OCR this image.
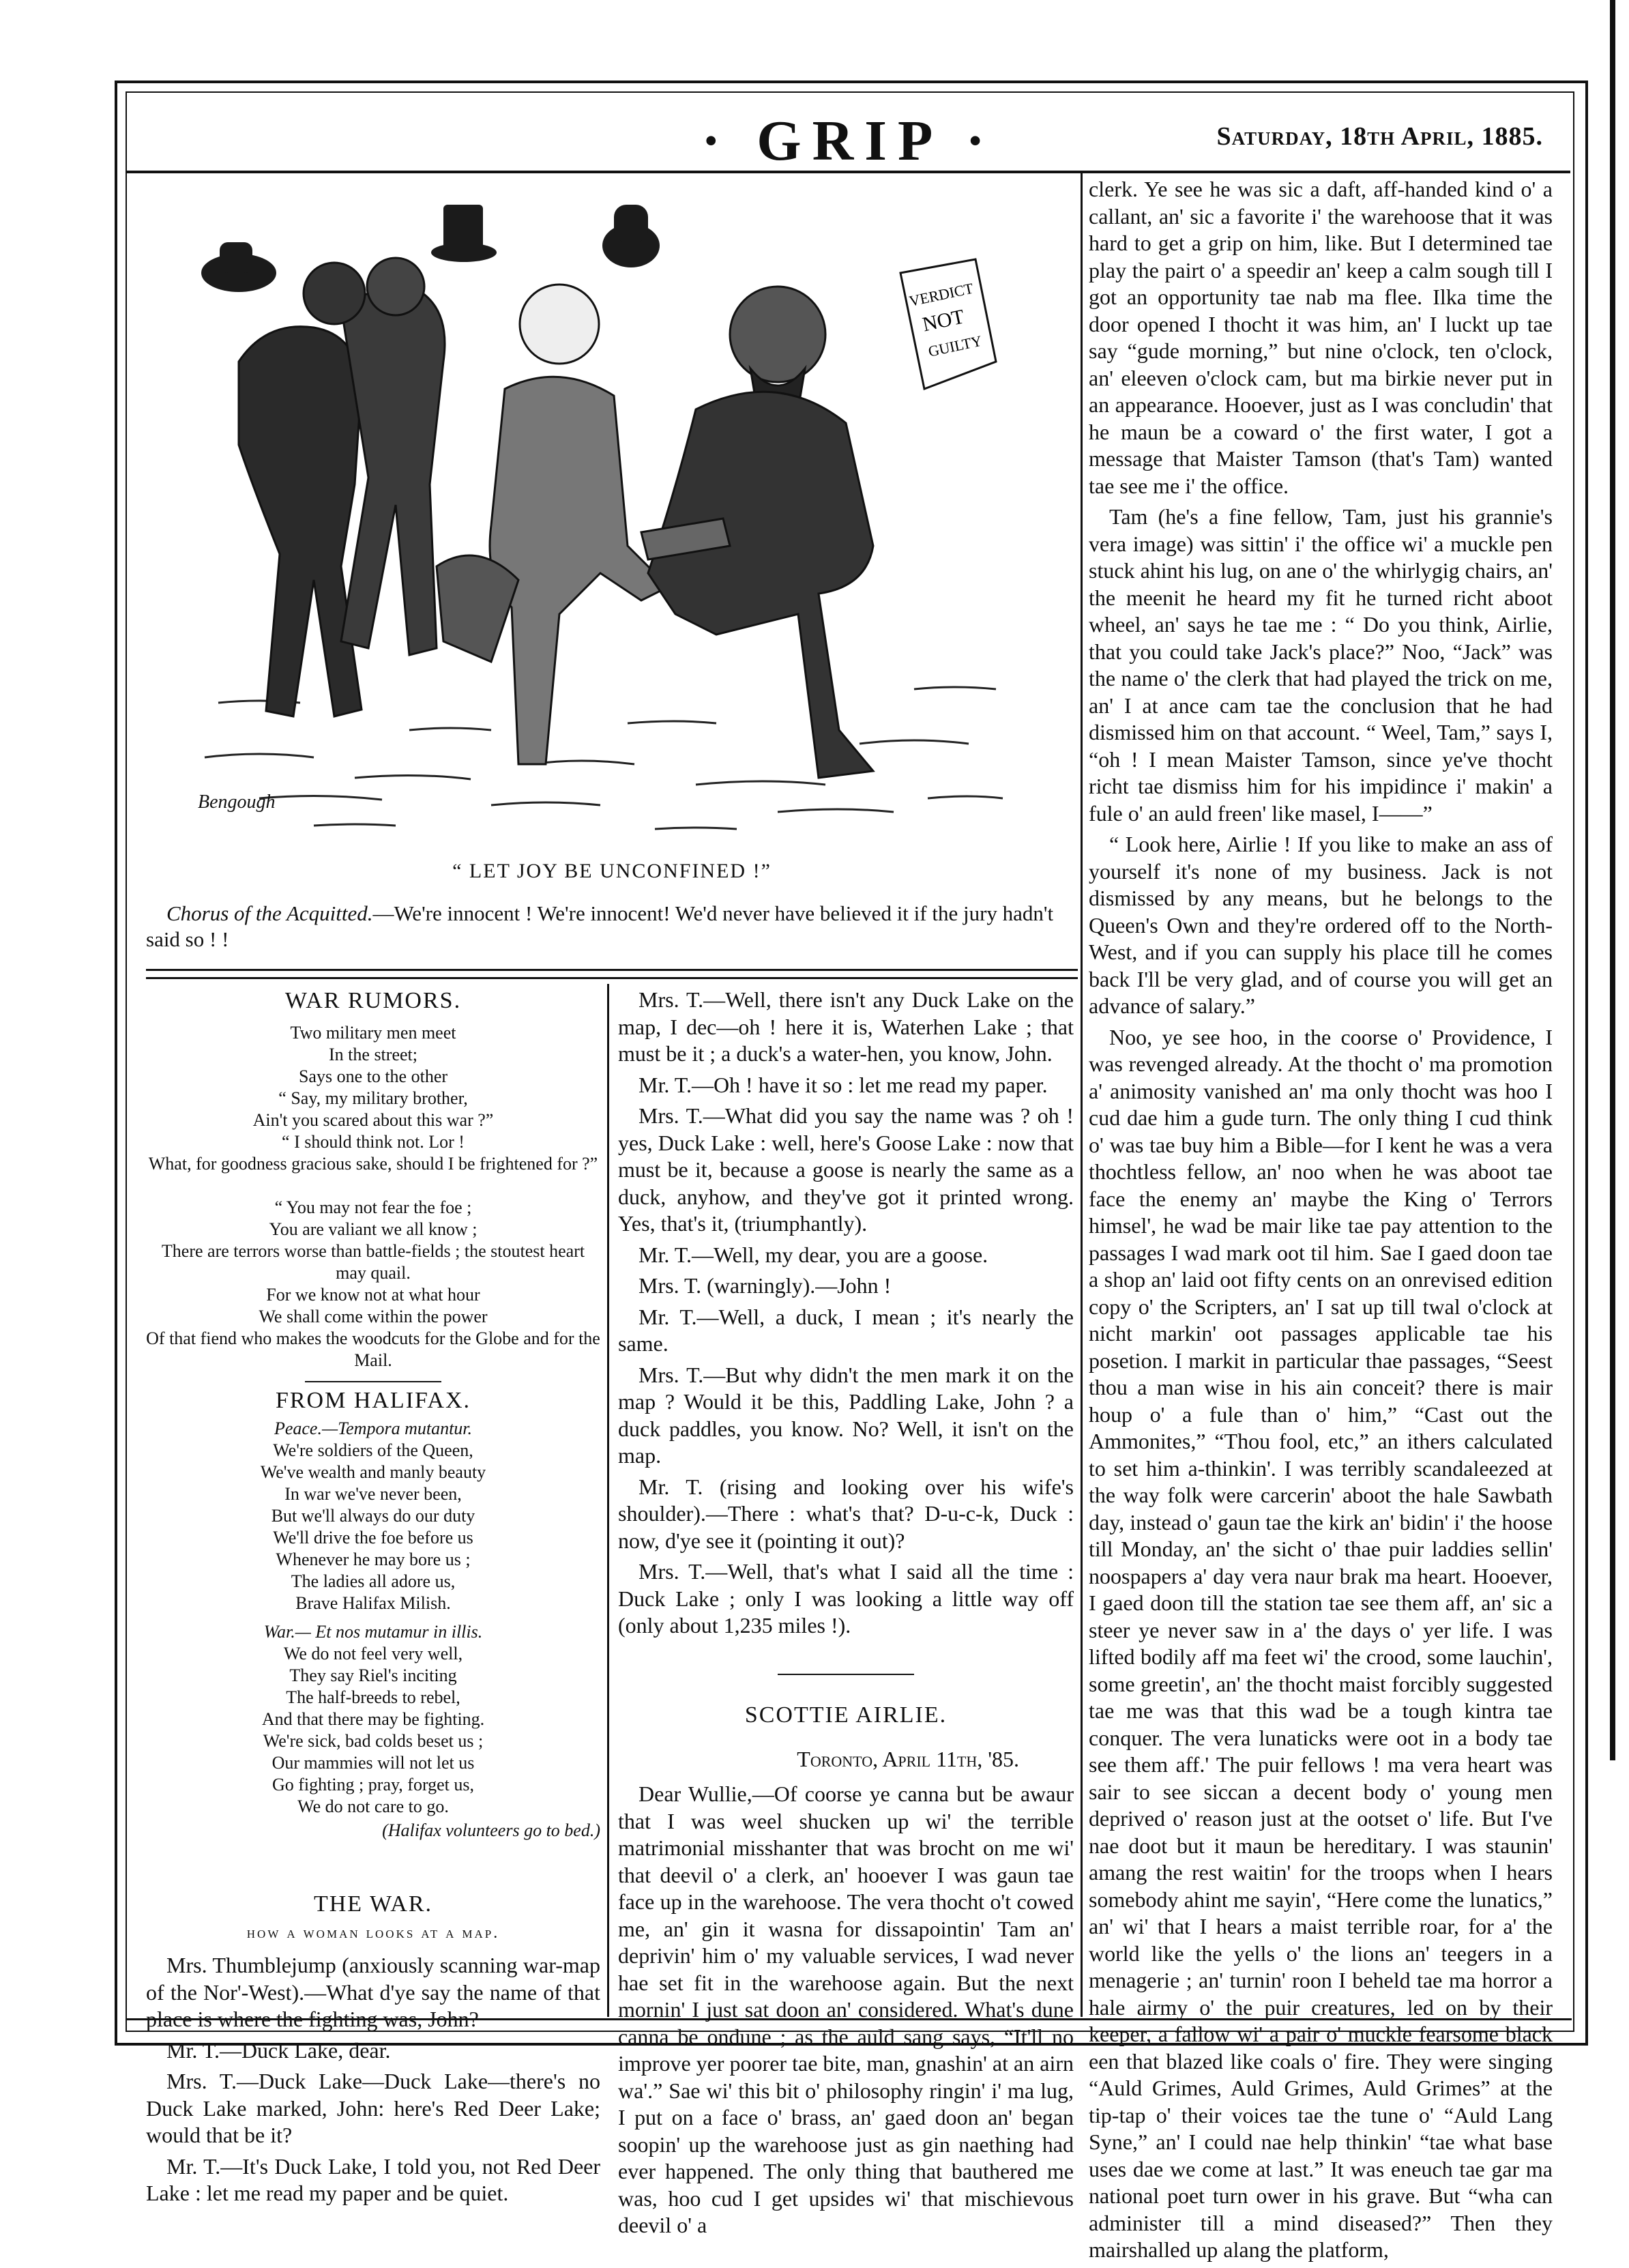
· GRIP ·	Saturday, 18th April, 1885.
VERDICT
NOT
GUILTY
Bengough
“ LET JOY BE UNCONFINED !”
Chorus of the Acquitted.—We're innocent ! We're innocent! We'd never have believed it if the jury hadn't said so ! !
WAR RUMORS.
Two military men meet
In the street;
Says one to the other
“ Say, my military brother,
Ain't you scared about this war ?”
“ I should think not. Lor !
What, for goodness gracious sake, should I be frightened for ?”

“ You may not fear the foe ;
You are valiant we all know ;
There are terrors worse than battle-fields ; the stoutest heart may quail.
For we know not at what hour
We shall come within the power
Of that fiend who makes the woodcuts for the Globe and for the Mail.
FROM HALIFAX.
Peace.—Tempora mutantur.
We're soldiers of the Queen,
We've wealth and manly beauty
In war we've never been,
But we'll always do our duty
We'll drive the foe before us
Whenever he may bore us ;
The ladies all adore us,
Brave Halifax Milish.
War.— Et nos mutamur in illis.
We do not feel very well,
They say Riel's inciting
The half-breeds to rebel,
And that there may be fighting.
We're sick, bad colds beset us ;
Our mammies will not let us
Go fighting ; pray, forget us,
We do not care to go.
(Halifax volunteers go to bed.)
THE WAR.
how a woman looks at a map.

Mrs. Thumblejump (anxiously scanning war-map of the Nor'-West).—What d'ye say the name of that place is where the fighting was, John?

Mr. T.—Duck Lake, dear.

Mrs. T.—Duck Lake—Duck Lake—there's no Duck Lake marked, John: here's Red Deer Lake; would that be it?

Mr. T.—It's Duck Lake, I told you, not Red Deer Lake : let me read my paper and be quiet.

Mrs. T.—Well, there isn't any Duck Lake on the map, I dec—oh ! here it is, Waterhen Lake ; that must be it ; a duck's a water-hen, you know, John.

Mr. T.—Oh ! have it so : let me read my paper.

Mrs. T.—What did you say the name was ? oh ! yes, Duck Lake : well, here's Goose Lake : now that must be it, because a goose is nearly the same as a duck, anyhow, and they've got it printed wrong. Yes, that's it, (triumphantly).

Mr. T.—Well, my dear, you are a goose.

Mrs. T. (warningly).—John !

Mr. T.—Well, a duck, I mean ; it's nearly the same.

Mrs. T.—But why didn't the men mark it on the map ? Would it be this, Paddling Lake, John ? a duck paddles, you know. No? Well, it isn't on the map.

Mr. T. (rising and looking over his wife's shoulder).—There : what's that? D-u-c-k, Duck : now, d'ye see it (pointing it out)?

Mrs. T.—Well, that's what I said all the time : Duck Lake ; only I was looking a little way off (only about 1,235 miles !).

SCOTTIE AIRLIE.
Toronto, April 11th, '85.

Dear Wullie,—Of coorse ye canna but be awaur that I was weel shucken up wi' the terrible matrimonial misshanter that was brocht on me wi' that deevil o' a clerk, an' hooever I was gaun tae face up in the warehoose. The vera thocht o't cowed me, an' gin it wasna for dissapointin' Tam an' deprivin' him o' my valuable services, I wad never hae set fit in the warehoose again. But the next mornin' I just sat doon an' considered. What's dune canna be ondune ; as the auld sang says, “It'll no improve yer poorer tae bite, man, gnashin' at an airn wa'.” Sae wi' this bit o' philosophy ringin' i' ma lug, I put on a face o' brass, an' gaed doon an' began soopin' up the warehoose just as gin naething had ever happened. The only thing that bauthered me was, hoo cud I get upsides wi' that mischievous deevil o' a

clerk. Ye see he was sic a daft, aff-handed kind o' a callant, an' sic a favorite i' the warehoose that it was hard to get a grip on him, like. But I determined tae play the pairt o' a speedir an' keep a calm sough till I got an opportunity tae nab ma flee. Ilka time the door opened I thocht it was him, an' I luckt up tae say “gude morning,” but nine o'clock, ten o'clock, an' eleeven o'clock cam, but ma birkie never put in an appearance. Hooever, just as I was concludin' that he maun be a coward o' the first water, I got a message that Maister Tamson (that's Tam) wanted tae see me i' the office.

Tam (he's a fine fellow, Tam, just his grannie's vera image) was sittin' i' the office wi' a muckle pen stuck ahint his lug, on ane o' the whirlygig chairs, an' the meenit he heard my fit he turned richt aboot wheel, an' says he tae me : “ Do you think, Airlie, that you could take Jack's place?” Noo, “Jack” was the name o' the clerk that had played the trick on me, an' I at ance cam tae the conclusion that he had dismissed him on that account. “ Weel, Tam,” says I, “oh ! I mean Maister Tamson, since ye've thocht richt tae dismiss him for his impidince i' makin' a fule o' an auld freen' like masel, I——”

“ Look here, Airlie ! If you like to make an ass of yourself it's none of my business. Jack is not dismissed by any means, but he belongs to the Queen's Own and they're ordered off to the North-West, and if you can supply his place till he comes back I'll be very glad, and of course you will get an advance of salary.”

Noo, ye see hoo, in the coorse o' Providence, I was revenged already. At the thocht o' ma promotion a' animosity vanished an' ma only thocht was hoo I cud dae him a gude turn. The only thing I cud think o' was tae buy him a Bible—for I kent he was a vera thochtless fellow, an' noo when he was aboot tae face the enemy an' maybe the King o' Terrors himsel', he wad be mair like tae pay attention to the passages I wad mark oot til him. Sae I gaed doon tae a shop an' laid oot fifty cents on an onrevised edition copy o' the Scripters, an' I sat up till twal o'clock at nicht markin' oot passages applicable tae his posetion. I markit in particular thae passages, “Seest thou a man wise in his ain conceit? there is mair houp o' a fule than o' him,” “Cast out the Ammonites,” “Thou fool, etc,” an ithers calculated to set him a-thinkin'. I was terribly scandaleezed at the way folk were carcerin' aboot the hale Sawbath day, instead o' gaun tae the kirk an' bidin' i' the hoose till Monday, an' the sicht o' thae puir laddies sellin' noospapers a' day vera naur brak ma heart. Hooever, I gaed doon till the station tae see them aff, an' sic a steer ye never saw in a' the days o' yer life. I was lifted bodily aff ma feet wi' the crood, some lauchin', some greetin', an' the thocht maist forcibly suggested tae me was that this wad be a tough kintra tae conquer. The vera lunaticks were oot in a body tae see them aff.' The puir fellows ! ma vera heart was sair to see siccan a decent body o' young men deprived o' reason just at the ootset o' life. But I've nae doot but it maun be hereditary. I was staunin' amang the rest waitin' for the troops when I hears somebody ahint me sayin', “Here come the lunatics,” an' wi' that I hears a maist terrible roar, for a' the world like the yells o' the lions an' teegers in a menagerie ; an' turnin' roon I beheld tae ma horror a hale airmy o' the puir creatures, led on by their keeper, a fallow wi' a pair o' muckle fearsome black een that blazed like coals o' fire. They were singing “Auld Grimes, Auld Grimes, Auld Grimes” at the tip-tap o' their voices tae the tune o' “Auld Lang Syne,” an' I could nae help thinkin' “tae what base uses dae we come at last.” It was eneuch tae gar ma national poet turn ower in his grave. But “wha can administer till a mind diseased?” Then they mairshalled up alang the platform,
